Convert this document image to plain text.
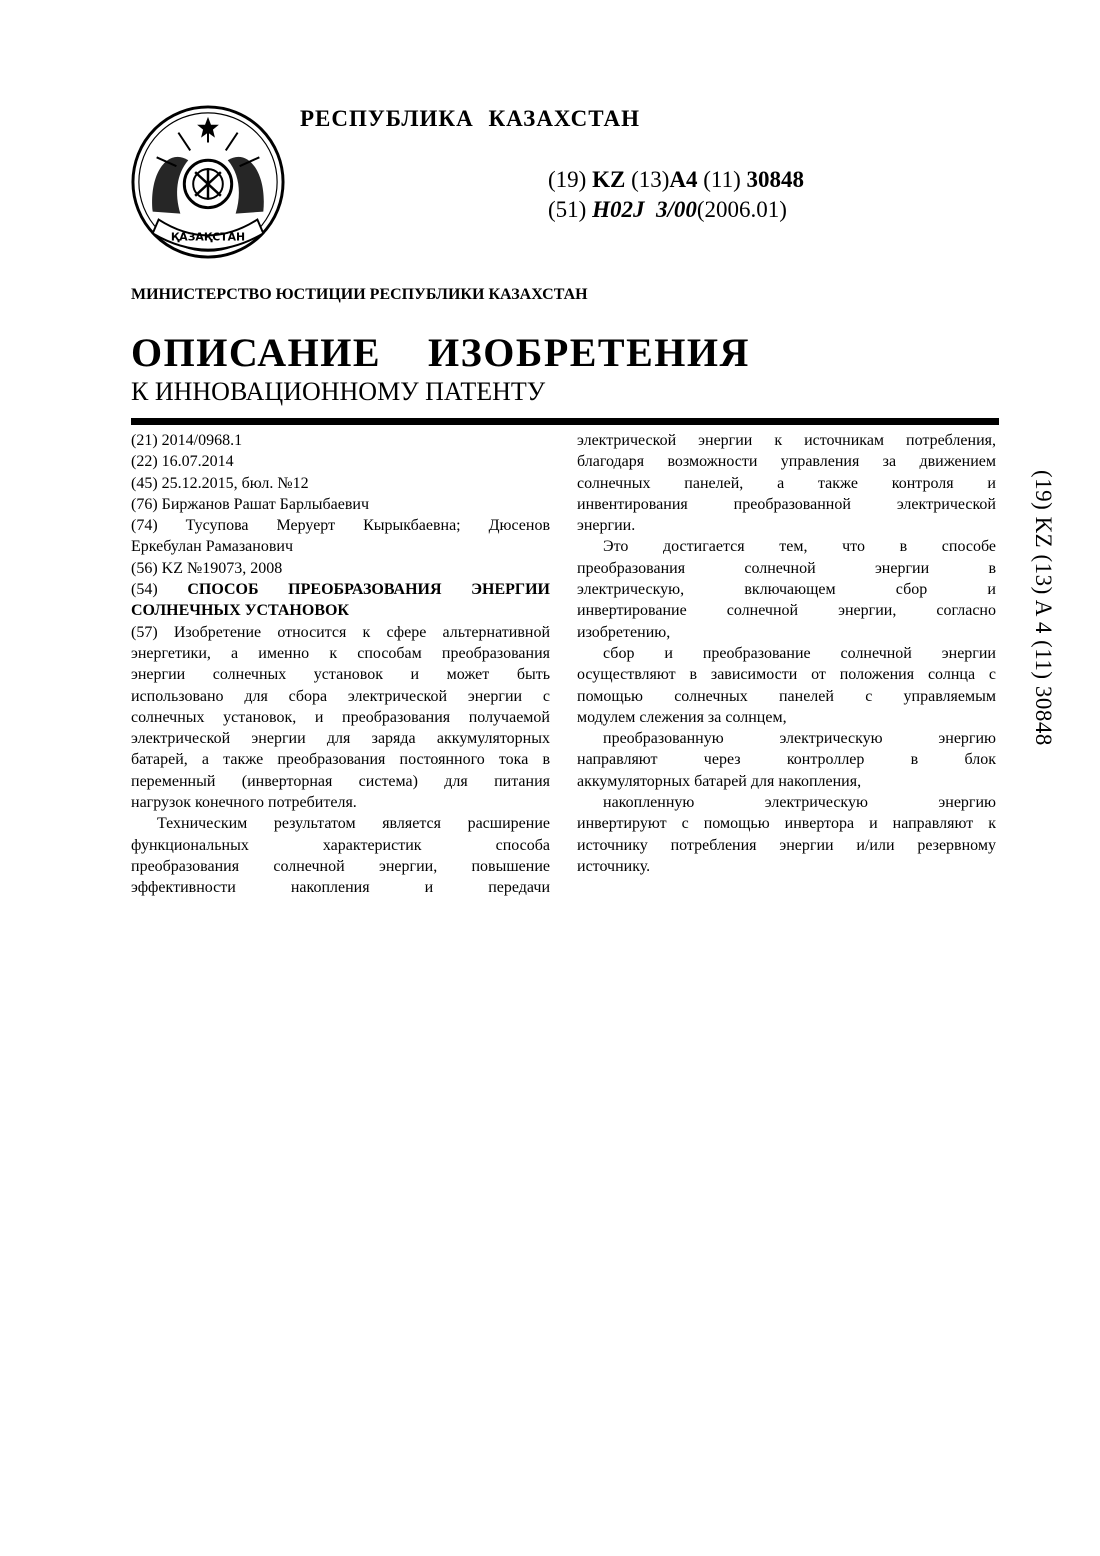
ҚАЗАҚСТАН
РЕСПУБЛИКА КАЗАХСТАН
(19) KZ (13)A4 (11) 30848
(51) H02J  3/00(2006.01)
МИНИСТЕРСТВО ЮСТИЦИИ РЕСПУБЛИКИ КАЗАХСТАН
ОПИСАНИЕ  ИЗОБРЕТЕНИЯ
К ИННОВАЦИОННОМУ ПАТЕНТУ

(21) 2014/0968.1

(22) 16.07.2014

(45) 25.12.2015, бюл. №12

(76) Биржанов Рашат Барлыбаевич

(74) Тусупова Меруерт Кырыкбаевна; Дюсенов

Еркебулан Рамазанович

(56) KZ №19073, 2008

(54) СПОСОБ ПРЕОБРАЗОВАНИЯ ЭНЕРГИИ

СОЛНЕЧНЫХ УСТАНОВОК

(57) Изобретение относится к сфере альтернативной

энергетики, а именно к способам преобразования

энергии солнечных установок и может быть

использовано для сбора электрической энергии с

солнечных установок, и преобразования получаемой

электрической энергии для заряда аккумуляторных

батарей, а также преобразования постоянного тока в

переменный (инверторная система) для питания

нагрузок конечного потребителя.

Техническим результатом является расширение

функциональных характеристик способа

преобразования солнечной энергии, повышение

эффективности накопления и передачи

электрической энергии к источникам потребления,

благодаря возможности управления за движением

солнечных панелей, а также контроля и

инвентирования преобразованной электрической

энергии.

Это достигается тем, что в способе

преобразования солнечной энергии в

электрическую, включающем сбор и

инвертирование солнечной энергии, согласно

изобретению,

сбор и преобразование солнечной энергии

осуществляют в зависимости от положения солнца с

помощью солнечных панелей с управляемым

модулем слежения за солнцем,

преобразованную электрическую энергию

направляют через контроллер в блок

аккумуляторных батарей для накопления,

накопленную электрическую энергию

инвертируют с помощью инвертора и направляют к

источнику потребления энергии и/или резервному

источнику.

(19) KZ (13) A 4 (11) 30848
